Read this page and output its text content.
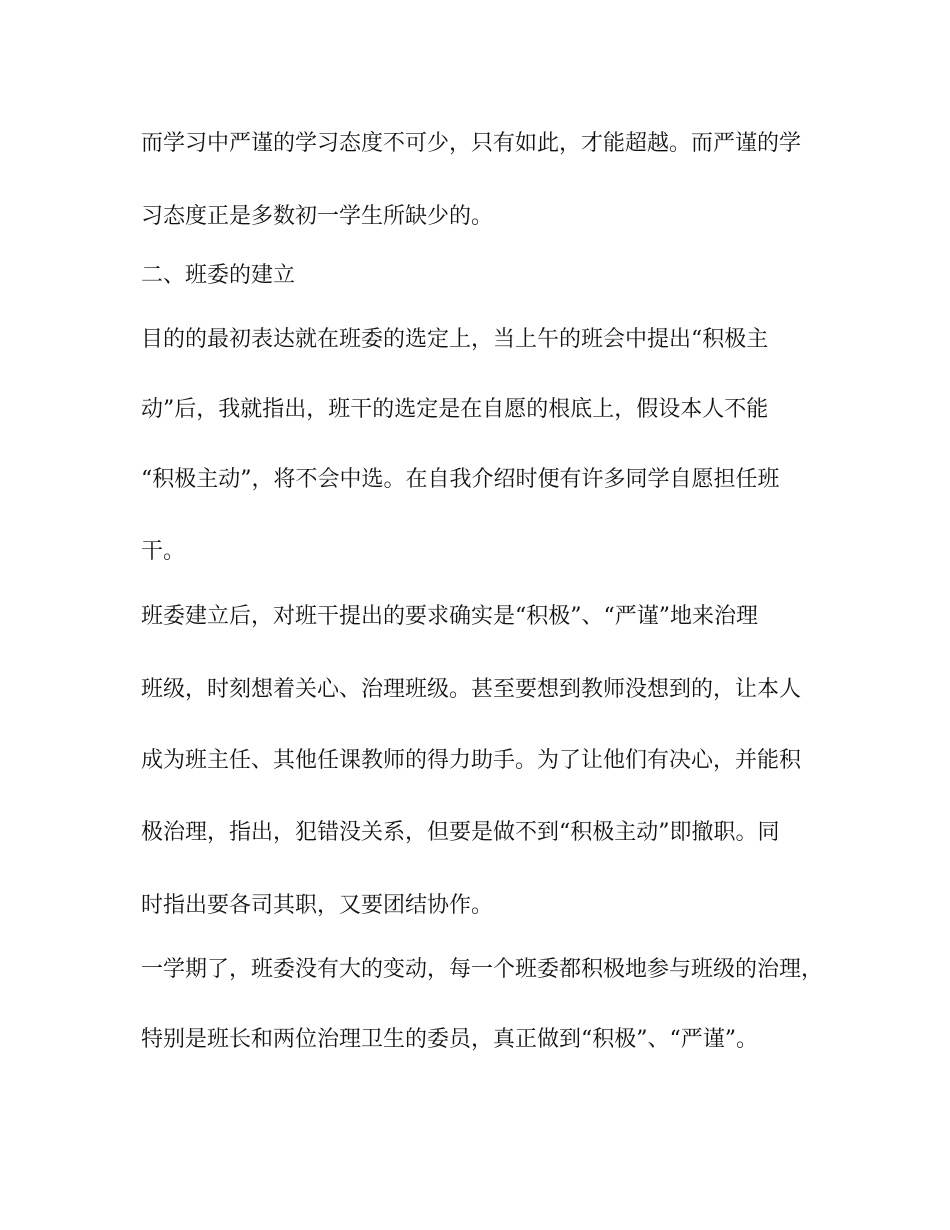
而学习中严谨的学习态度不可少，只有如此，才能超越。而严谨的学

习态度正是多数初一学生所缺少的。

二、班委的建立

目的的最初表达就在班委的选定上，当上午的班会中提出“积极主

动”后，我就指出，班干的选定是在自愿的根底上，假设本人不能

“积极主动”，将不会中选。在自我介绍时便有许多同学自愿担任班

干。

班委建立后，对班干提出的要求确实是“积极”、“严谨”地来治理

班级，时刻想着关心、治理班级。甚至要想到教师没想到的，让本人

成为班主任、其他任课教师的得力助手。为了让他们有决心，并能积

极治理，指出，犯错没关系，但要是做不到“积极主动”即撤职。同

时指出要各司其职，又要团结协作。

一学期了，班委没有大的变动，每一个班委都积极地参与班级的治理，

特别是班长和两位治理卫生的委员，真正做到“积极”、“严谨”。
